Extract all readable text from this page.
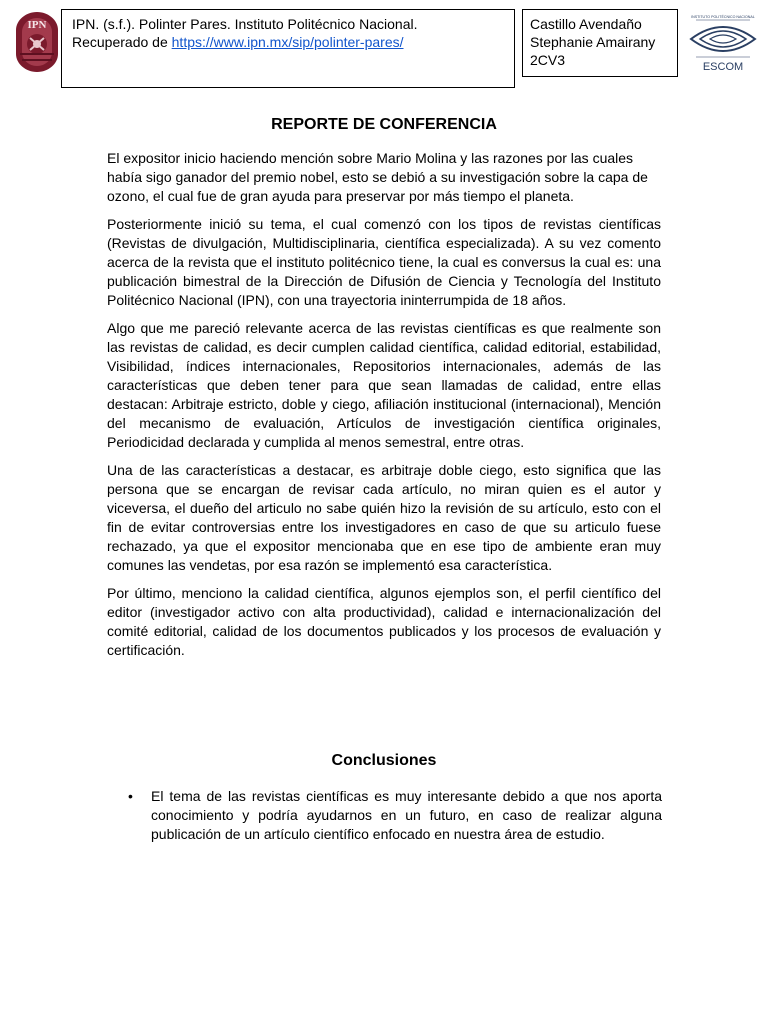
IPN IPN. (s.f.). Polinter Pares. Instituto Politécnico Nacional.
Recuperado de https://www.ipn.mx/sip/polinter-pares/
Castillo Avendaño
Stephanie Amairany
2CV3
INSTITUTO POLITÉCNICO NACIONAL
ESCOM
REPORTE DE CONFERENCIA

El expositor inicio haciendo mención sobre Mario Molina y las razones por las cuales había sigo ganador del premio nobel, esto se debió a su investigación sobre la capa de ozono, el cual fue de gran ayuda para preservar por más tiempo el planeta.

Posteriormente inició su tema, el cual comenzó con los tipos de revistas científicas (Revistas de divulgación, Multidisciplinaria, científica especializada). A su vez comento acerca de la revista que el instituto politécnico tiene, la cual es conversus la cual es: una publicación bimestral de la Dirección de Difusión de Ciencia y Tecnología del Instituto Politécnico Nacional (IPN), con una trayectoria ininterrumpida de 18 años.

Algo que me pareció relevante acerca de las revistas científicas es que realmente son las revistas de calidad, es decir cumplen calidad científica, calidad editorial, estabilidad, Visibilidad, índices internacionales, Repositorios internacionales, además de las características que deben tener para que sean llamadas de calidad, entre ellas destacan: Arbitraje estricto, doble y ciego, afiliación institucional (internacional), Mención del mecanismo de evaluación, Artículos de investigación científica originales, Periodicidad declarada y cumplida al menos semestral, entre otras.

Una de las características a destacar, es arbitraje doble ciego, esto significa que las persona que se encargan de revisar cada artículo, no miran quien es el autor y viceversa, el dueño del articulo no sabe quién hizo la revisión de su artículo, esto con el fin de evitar controversias entre los investigadores en caso de que su articulo fuese rechazado, ya que el expositor mencionaba que en ese tipo de ambiente eran muy comunes las vendetas, por esa razón se implementó esa característica.

Por último, menciono la calidad científica, algunos ejemplos son, el perfil científico del editor (investigador activo con alta productividad), calidad e internacionalización del comité editorial, calidad de los documentos publicados y los procesos de evaluación y certificación.

Conclusiones
• El tema de las revistas científicas es muy interesante debido a que nos aporta conocimiento y podría ayudarnos en un futuro, en caso de realizar alguna publicación de un artículo científico enfocado en nuestra área de estudio.
